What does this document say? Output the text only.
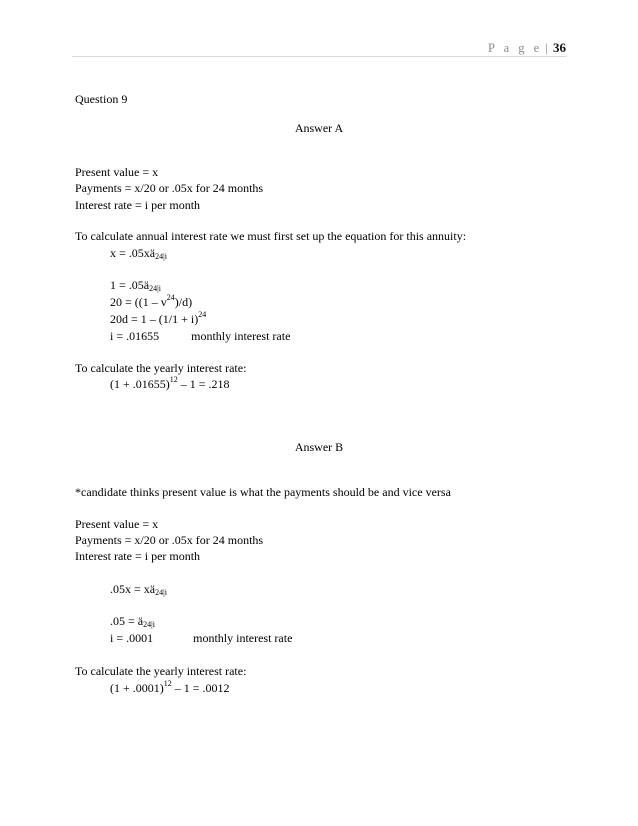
P a g e | 36
Question 9
Answer A
Present value = x
Payments = x/20 or .05x for 24 months
Interest rate = i per month
To calculate annual interest rate we must first set up the equation for this annuity:
$x = .05xä_{24|i}$
$1 = .05ä_{24|i}$
$20 = ((1 - v^{24})/d)$
$20d = 1 - (1/1 + i)^{24}$
i = .01655	monthly interest rate
To calculate the yearly interest rate:
$(1 + .01655)^{12} - 1 = .218$
Answer B
*candidate thinks present value is what the payments should be and vice versa
Present value = x
Payments = x/20 or .05x for 24 months
Interest rate = i per month
$.05x = xä_{24|i}$
$.05 = ä_{24|i}$
i = .0001	monthly interest rate
To calculate the yearly interest rate:
$(1 + .0001)^{12} - 1 = .0012$
